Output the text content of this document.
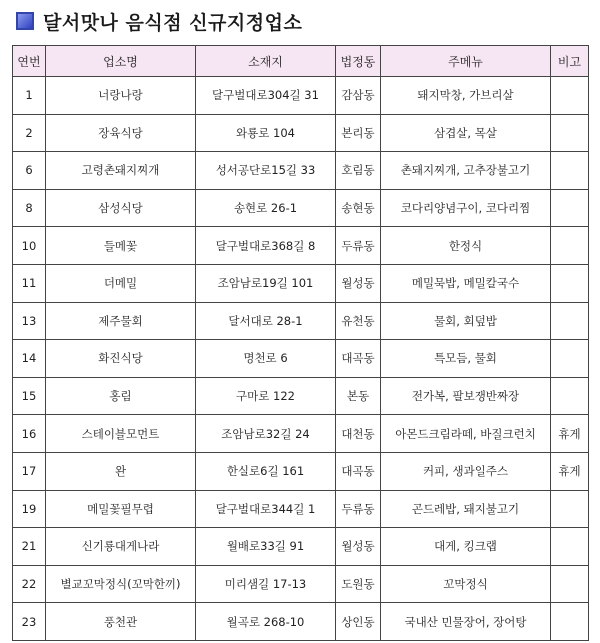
달서맛나 음식점 신규지정업소
연번	업소명	소재지	법정동	주메뉴	비고
1	너랑나랑	달구벌대로304길 31	감삼동	돼지막창, 가브리살	
2	장육식당	와룡로 104	본리동	삼겹살, 목살	
6	고령촌돼지찌개	성서공단로15길 33	호림동	촌돼지찌개, 고추장불고기	
8	삼성식당	송현로 26-1	송현동	코다리양념구이, 코다리찜	
10	들메꽃	달구벌대로368길 8	두류동	한정식	
11	더메밀	조암남로19길 101	월성동	메밀묵밥, 메밀칼국수	
13	제주물회	달서대로 28-1	유천동	물회, 회덮밥	
14	화진식당	명천로 6	대곡동	특모듬, 물회	
15	홍림	구마로 122	본동	전가복, 팔보쟁반짜장	
16	스테이블모먼트	조암남로32길 24	대천동	아몬드크림라떼, 바질크런치	휴게
17	완	한실로6길 161	대곡동	커피, 생과일주스	휴게
19	메밀꽃필무렵	달구벌대로344길 1	두류동	곤드레밥, 돼지불고기	
21	신기룡대게나라	월배로33길 91	월성동	대게, 킹크랩	
22	별교꼬막정식(꼬막한끼)	미리샘길 17-13	도원동	꼬막정식	
23	풍천관	월곡로 268-10	상인동	국내산 민물장어, 장어탕	
